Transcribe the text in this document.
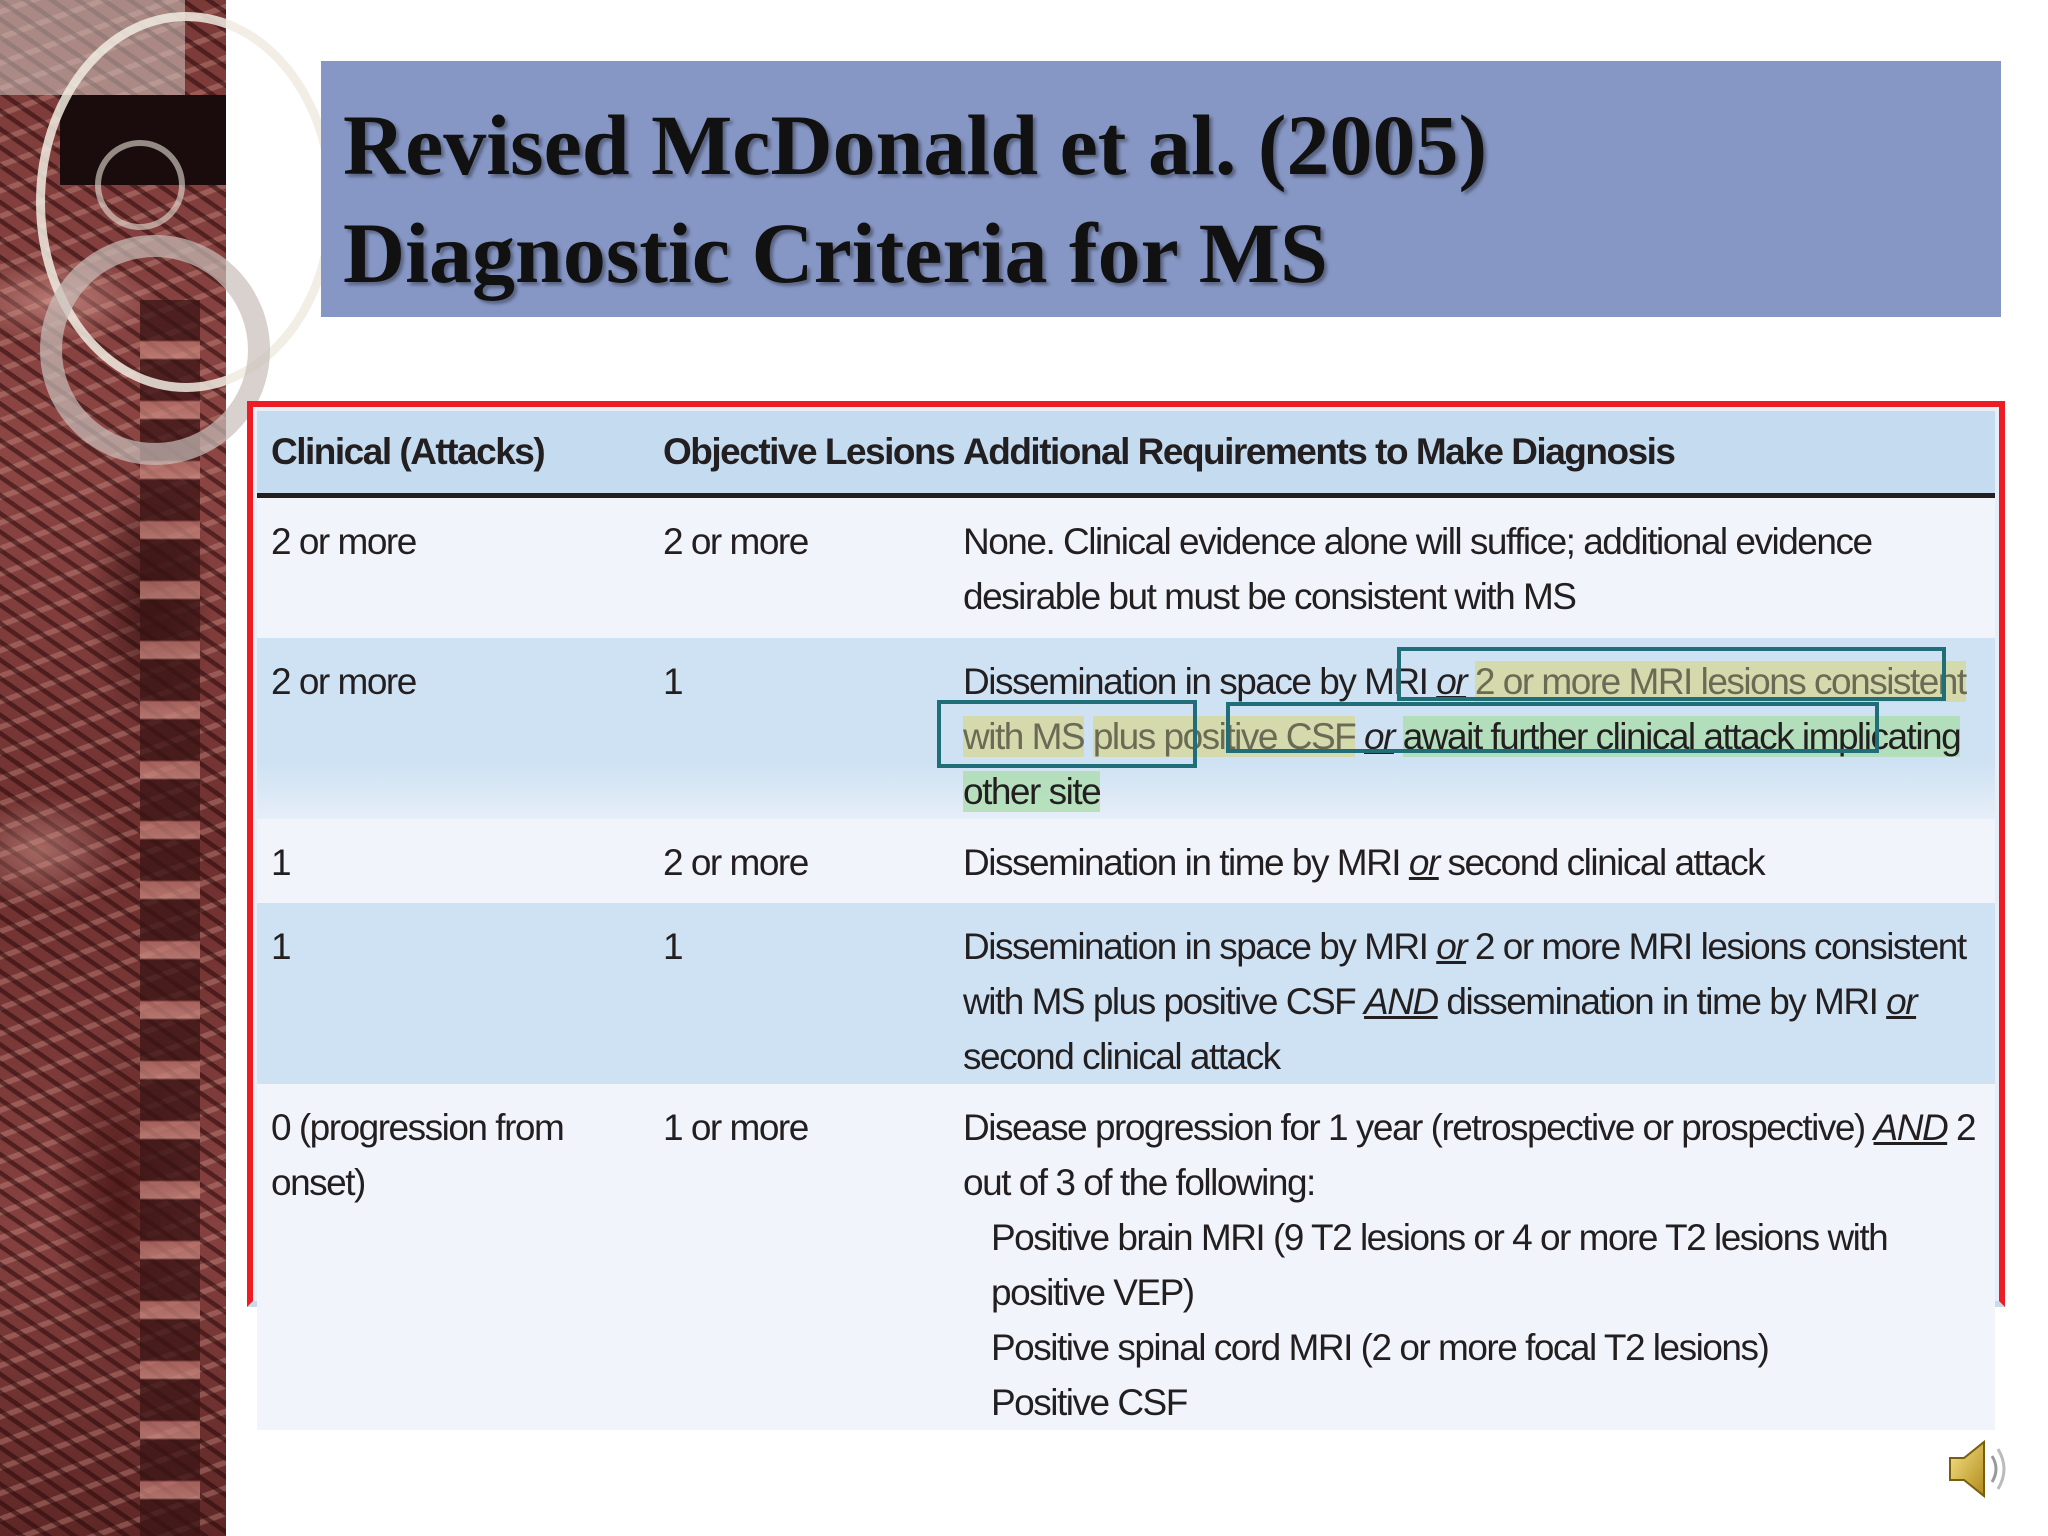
Revised McDonald et al. (2005)
Diagnostic Criteria for MS
Clinical (Attacks)	Objective Lesions	Additional Requirements to Make Diagnosis
2 or more	2 or more	None. Clinical evidence alone will suffice; additional evidence desirable but must be consistent with MS
2 or more	1	Dissemination in space by MRI or 2 or more MRI lesions consistent with MS plus positive CSF or await further clinical attack implicating other site
1	2 or more	Dissemination in time by MRI or second clinical attack
1	1	Dissemination in space by MRI or 2 or more MRI lesions consistent with MS plus positive CSF AND dissemination in time by MRI or second clinical attack
0 (progression from onset)	1 or more	Disease progression for 1 year (retrospective or prospective) AND 2 out of 3 of the following:
Positive brain MRI (9 T2 lesions or 4 or more T2 lesions with positive VEP)
Positive spinal cord MRI (2 or more focal T2 lesions)
Positive CSF
